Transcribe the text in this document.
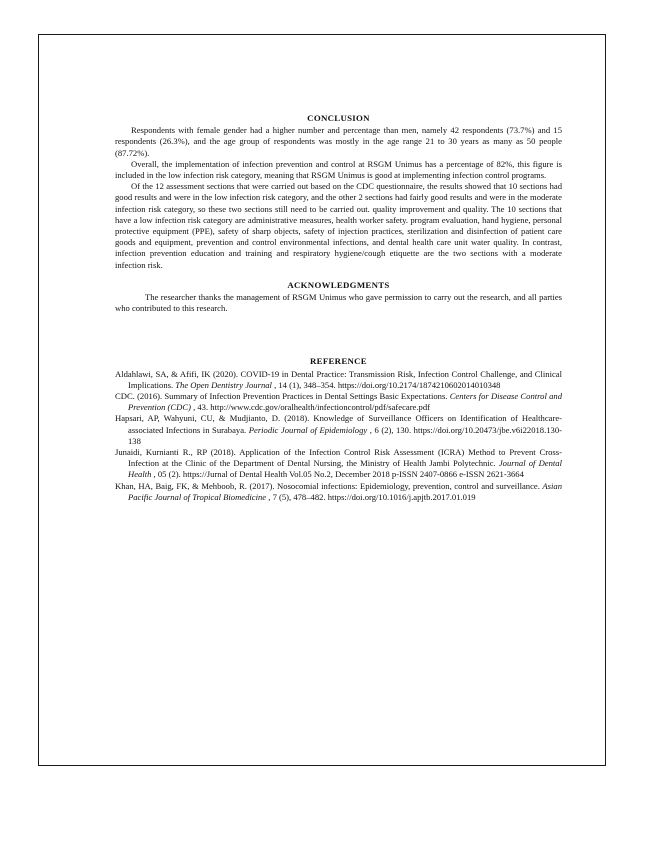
CONCLUSION

Respondents with female gender had a higher number and percentage than men, namely 42 respondents (73.7%) and 15 respondents (26.3%), and the age group of respondents was mostly in the age range 21 to 30 years as many as 50 people (87.72%).

Overall, the implementation of infection prevention and control at RSGM Unimus has a percentage of 82%, this figure is included in the low infection risk category, meaning that RSGM Unimus is good at implementing infection control programs.

Of the 12 assessment sections that were carried out based on the CDC questionnaire, the results showed that 10 sections had good results and were in the low infection risk category, and the other 2 sections had fairly good results and were in the moderate infection risk category, so these two sections still need to be carried out. quality improvement and quality. The 10 sections that have a low infection risk category are administrative measures, health worker safety. program evaluation, hand hygiene, personal protective equipment (PPE), safety of sharp objects, safety of injection practices, sterilization and disinfection of patient care goods and equipment, prevention and control environmental infections, and dental health care unit water quality. In contrast, infection prevention education and training and respiratory hygiene/cough etiquette are the two sections with a moderate infection risk.

ACKNOWLEDGMENTS

The researcher thanks the management of RSGM Unimus who gave permission to carry out the research, and all parties who contributed to this research.

REFERENCE

Aldahlawi, SA, & Afifi, IK (2020). COVID-19 in Dental Practice: Transmission Risk, Infection Control Challenge, and Clinical Implications. The Open Dentistry Journal , 14 (1), 348–354. https://doi.org/10.2174/1874210602014010348

CDC. (2016). Summary of Infection Prevention Practices in Dental Settings Basic Expectations. Centers for Disease Control and Prevention (CDC) , 43. http://www.cdc.gov/oralhealth/infectioncontrol/pdf/safecare.pdf

Hapsari, AP, Wahyuni, CU, & Mudjianto, D. (2018). Knowledge of Surveillance Officers on Identification of Healthcare-associated Infections in Surabaya. Periodic Journal of Epidemiology , 6 (2), 130. https://doi.org/10.20473/jbe.v6i22018.130-138

Junaidi, Kurnianti R., RP (2018). Application of the Infection Control Risk Assessment (ICRA) Method to Prevent Cross-Infection at the Clinic of the Department of Dental Nursing, the Ministry of Health Jambi Polytechnic. Journal of Dental Health , 05 (2). https://Jurnal of Dental Health Vol.05 No.2, December 2018 p-ISSN 2407-0866 e-ISSN 2621-3664

Khan, HA, Baig, FK, & Mehboob, R. (2017). Nosocomial infections: Epidemiology, prevention, control and surveillance. Asian Pacific Journal of Tropical Biomedicine , 7 (5), 478–482. https://doi.org/10.1016/j.apjtb.2017.01.019
